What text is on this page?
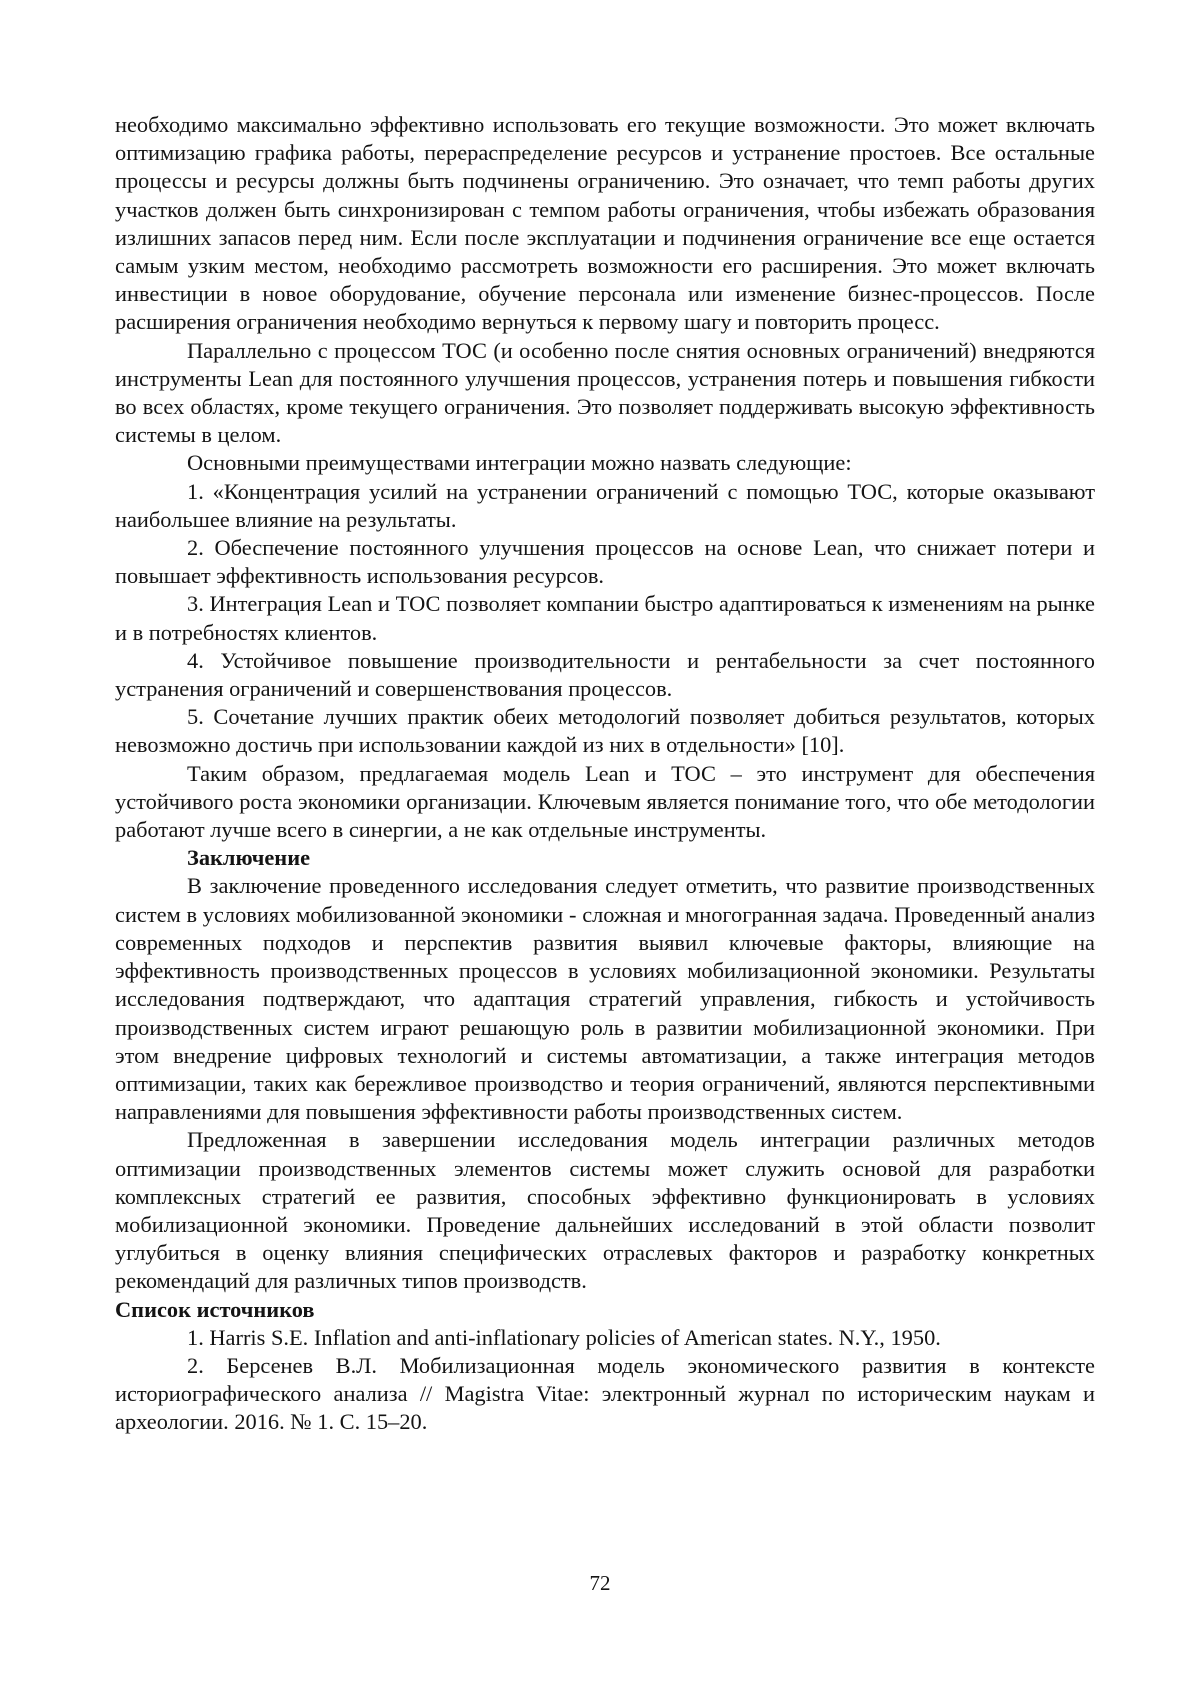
необходимо максимально эффективно использовать его текущие возможности. Это может включать оптимизацию графика работы, перераспределение ресурсов и устранение простоев. Все остальные процессы и ресурсы должны быть подчинены ограничению. Это означает, что темп работы других участков должен быть синхронизирован с темпом работы ограничения, чтобы избежать образования излишних запасов перед ним. Если после эксплуатации и подчинения ограничение все еще остается самым узким местом, необходимо рассмотреть возможности его расширения. Это может включать инвестиции в новое оборудование, обучение персонала или изменение бизнес-процессов. После расширения ограничения необходимо вернуться к первому шагу и повторить процесс.

Параллельно с процессом ТОС (и особенно после снятия основных ограничений) внедряются инструменты Lean для постоянного улучшения процессов, устранения потерь и повышения гибкости во всех областях, кроме текущего ограничения. Это позволяет поддерживать высокую эффективность системы в целом.

Основными преимуществами интеграции можно назвать следующие:

1. «Концентрация усилий на устранении ограничений с помощью ТОС, которые оказывают наибольшее влияние на результаты.

2. Обеспечение постоянного улучшения процессов на основе Lean, что снижает потери и повышает эффективность использования ресурсов.

3. Интеграция Lean и ТОС позволяет компании быстро адаптироваться к изменениям на рынке и в потребностях клиентов.

4. Устойчивое повышение производительности и рентабельности за счет постоянного устранения ограничений и совершенствования процессов.

5. Сочетание лучших практик обеих методологий позволяет добиться результатов, которых невозможно достичь при использовании каждой из них в отдельности» [10].

Таким образом, предлагаемая модель Lean и ТОС – это инструмент для обеспечения устойчивого роста экономики организации. Ключевым является понимание того, что обе методологии работают лучше всего в синергии, а не как отдельные инструменты.

Заключение

В заключение проведенного исследования следует отметить, что развитие производственных систем в условиях мобилизованной экономики - сложная и многогранная задача. Проведенный анализ современных подходов и перспектив развития выявил ключевые факторы, влияющие на эффективность производственных процессов в условиях мобилизационной экономики. Результаты исследования подтверждают, что адаптация стратегий управления, гибкость и устойчивость производственных систем играют решающую роль в развитии мобилизационной экономики. При этом внедрение цифровых технологий и системы автоматизации, а также интеграция методов оптимизации, таких как бережливое производство и теория ограничений, являются перспективными направлениями для повышения эффективности работы производственных систем.

Предложенная в завершении исследования модель интеграции различных методов оптимизации производственных элементов системы может служить основой для разработки комплексных стратегий ее развития, способных эффективно функционировать в условиях мобилизационной экономики. Проведение дальнейших исследований в этой области позволит углубиться в оценку влияния специфических отраслевых факторов и разработку конкретных рекомендаций для различных типов производств.

Список источников

1. Harris S.E. Inflation and anti-inflationary policies of American states. N.Y., 1950.

2. Берсенев В.Л. Мобилизационная модель экономического развития в контексте историографического анализа // Magistra Vitae: электронный журнал по историческим наукам и археологии. 2016. № 1. С. 15–20.

72
